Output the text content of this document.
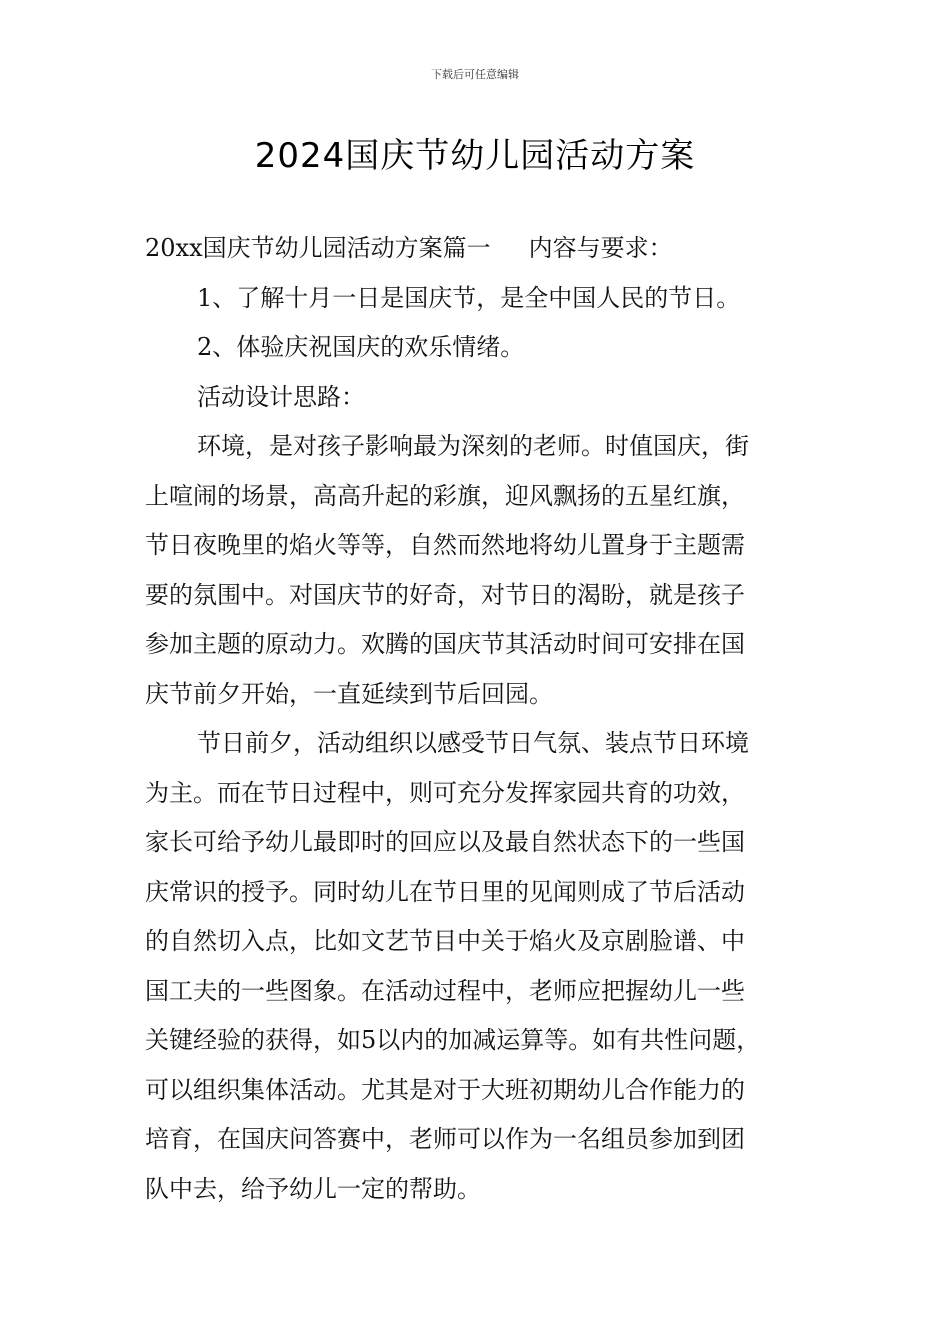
下载后可任意编辑
2024国庆节幼儿园活动方案
20xx国庆节幼儿园活动方案篇一 内容与要求：
1、了解十月一日是国庆节，是全中国人民的节日。
2、体验庆祝国庆的欢乐情绪。
活动设计思路：
环境，是对孩子影响最为深刻的老师。时值国庆，街
上喧闹的场景，高高升起的彩旗，迎风飘扬的五星红旗，
节日夜晚里的焰火等等，自然而然地将幼儿置身于主题需
要的氛围中。对国庆节的好奇，对节日的渴盼，就是孩子
参加主题的原动力。欢腾的国庆节其活动时间可安排在国
庆节前夕开始，一直延续到节后回园。
节日前夕，活动组织以感受节日气氛、装点节日环境
为主。而在节日过程中，则可充分发挥家园共育的功效，
家长可给予幼儿最即时的回应以及最自然状态下的一些国
庆常识的授予。同时幼儿在节日里的见闻则成了节后活动
的自然切入点，比如文艺节目中关于焰火及京剧脸谱、中
国工夫的一些图象。在活动过程中，老师应把握幼儿一些
关键经验的获得，如5以内的加减运算等。如有共性问题，
可以组织集体活动。尤其是对于大班初期幼儿合作能力的
培育，在国庆问答赛中，老师可以作为一名组员参加到团
队中去，给予幼儿一定的帮助。
